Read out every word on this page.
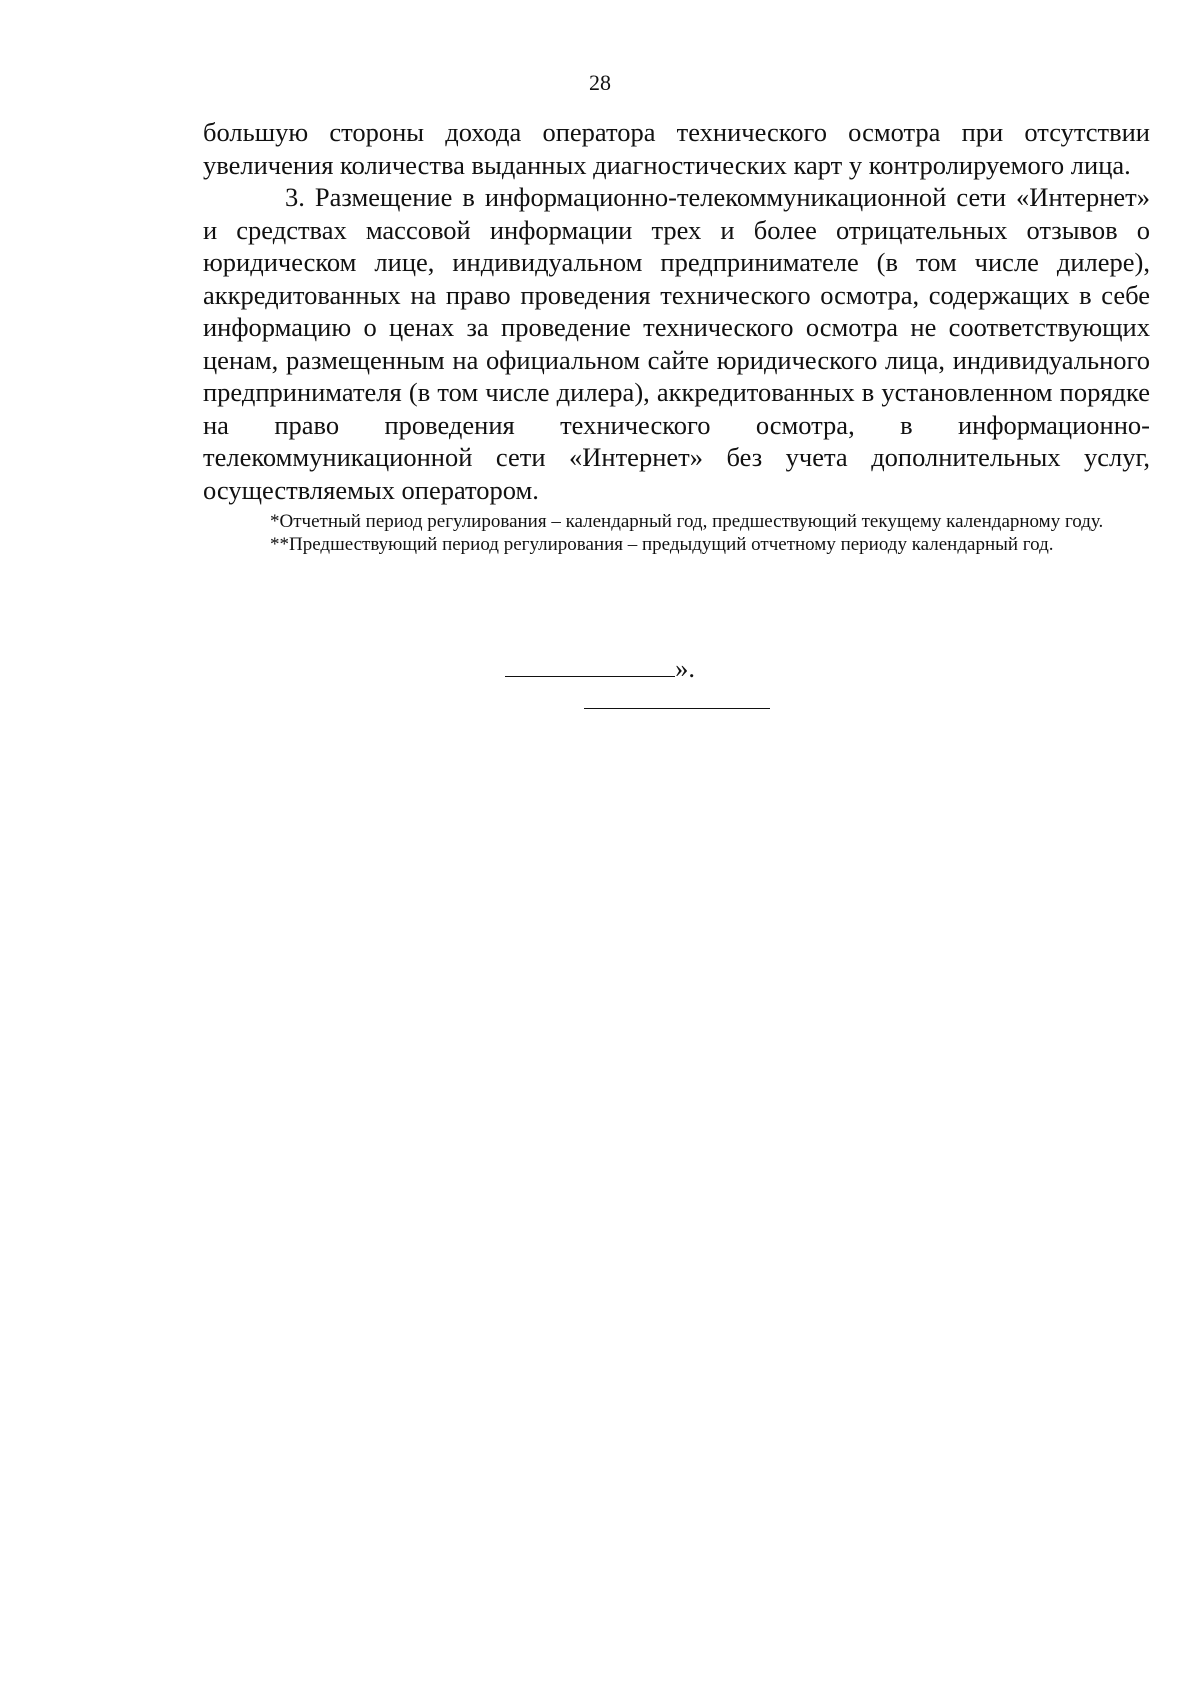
28

большую стороны дохода оператора технического осмотра при отсутствии увеличения количества выданных диагностических карт у контролируемого лица.

3. Размещение в информационно-телекоммуникационной сети «Интернет» и средствах массовой информации трех и более отрицательных отзывов о юридическом лице, индивидуальном предпринимателе (в том числе дилере), аккредитованных на право проведения технического осмотра, содержащих в себе информацию о ценах за проведение технического осмотра не соответствующих ценам, размещенным на официальном сайте юридического лица, индивидуального предпринимателя (в том числе дилера), аккредитованных в установленном порядке на право проведения технического осмотра, в информационно-телекоммуникационной сети «Интернет» без учета дополнительных услуг, осуществляемых оператором.

*Отчетный период регулирования – календарный год, предшествующий текущему календарному году.

**Предшествующий период регулирования – предыдущий отчетному периоду календарный год.

».
